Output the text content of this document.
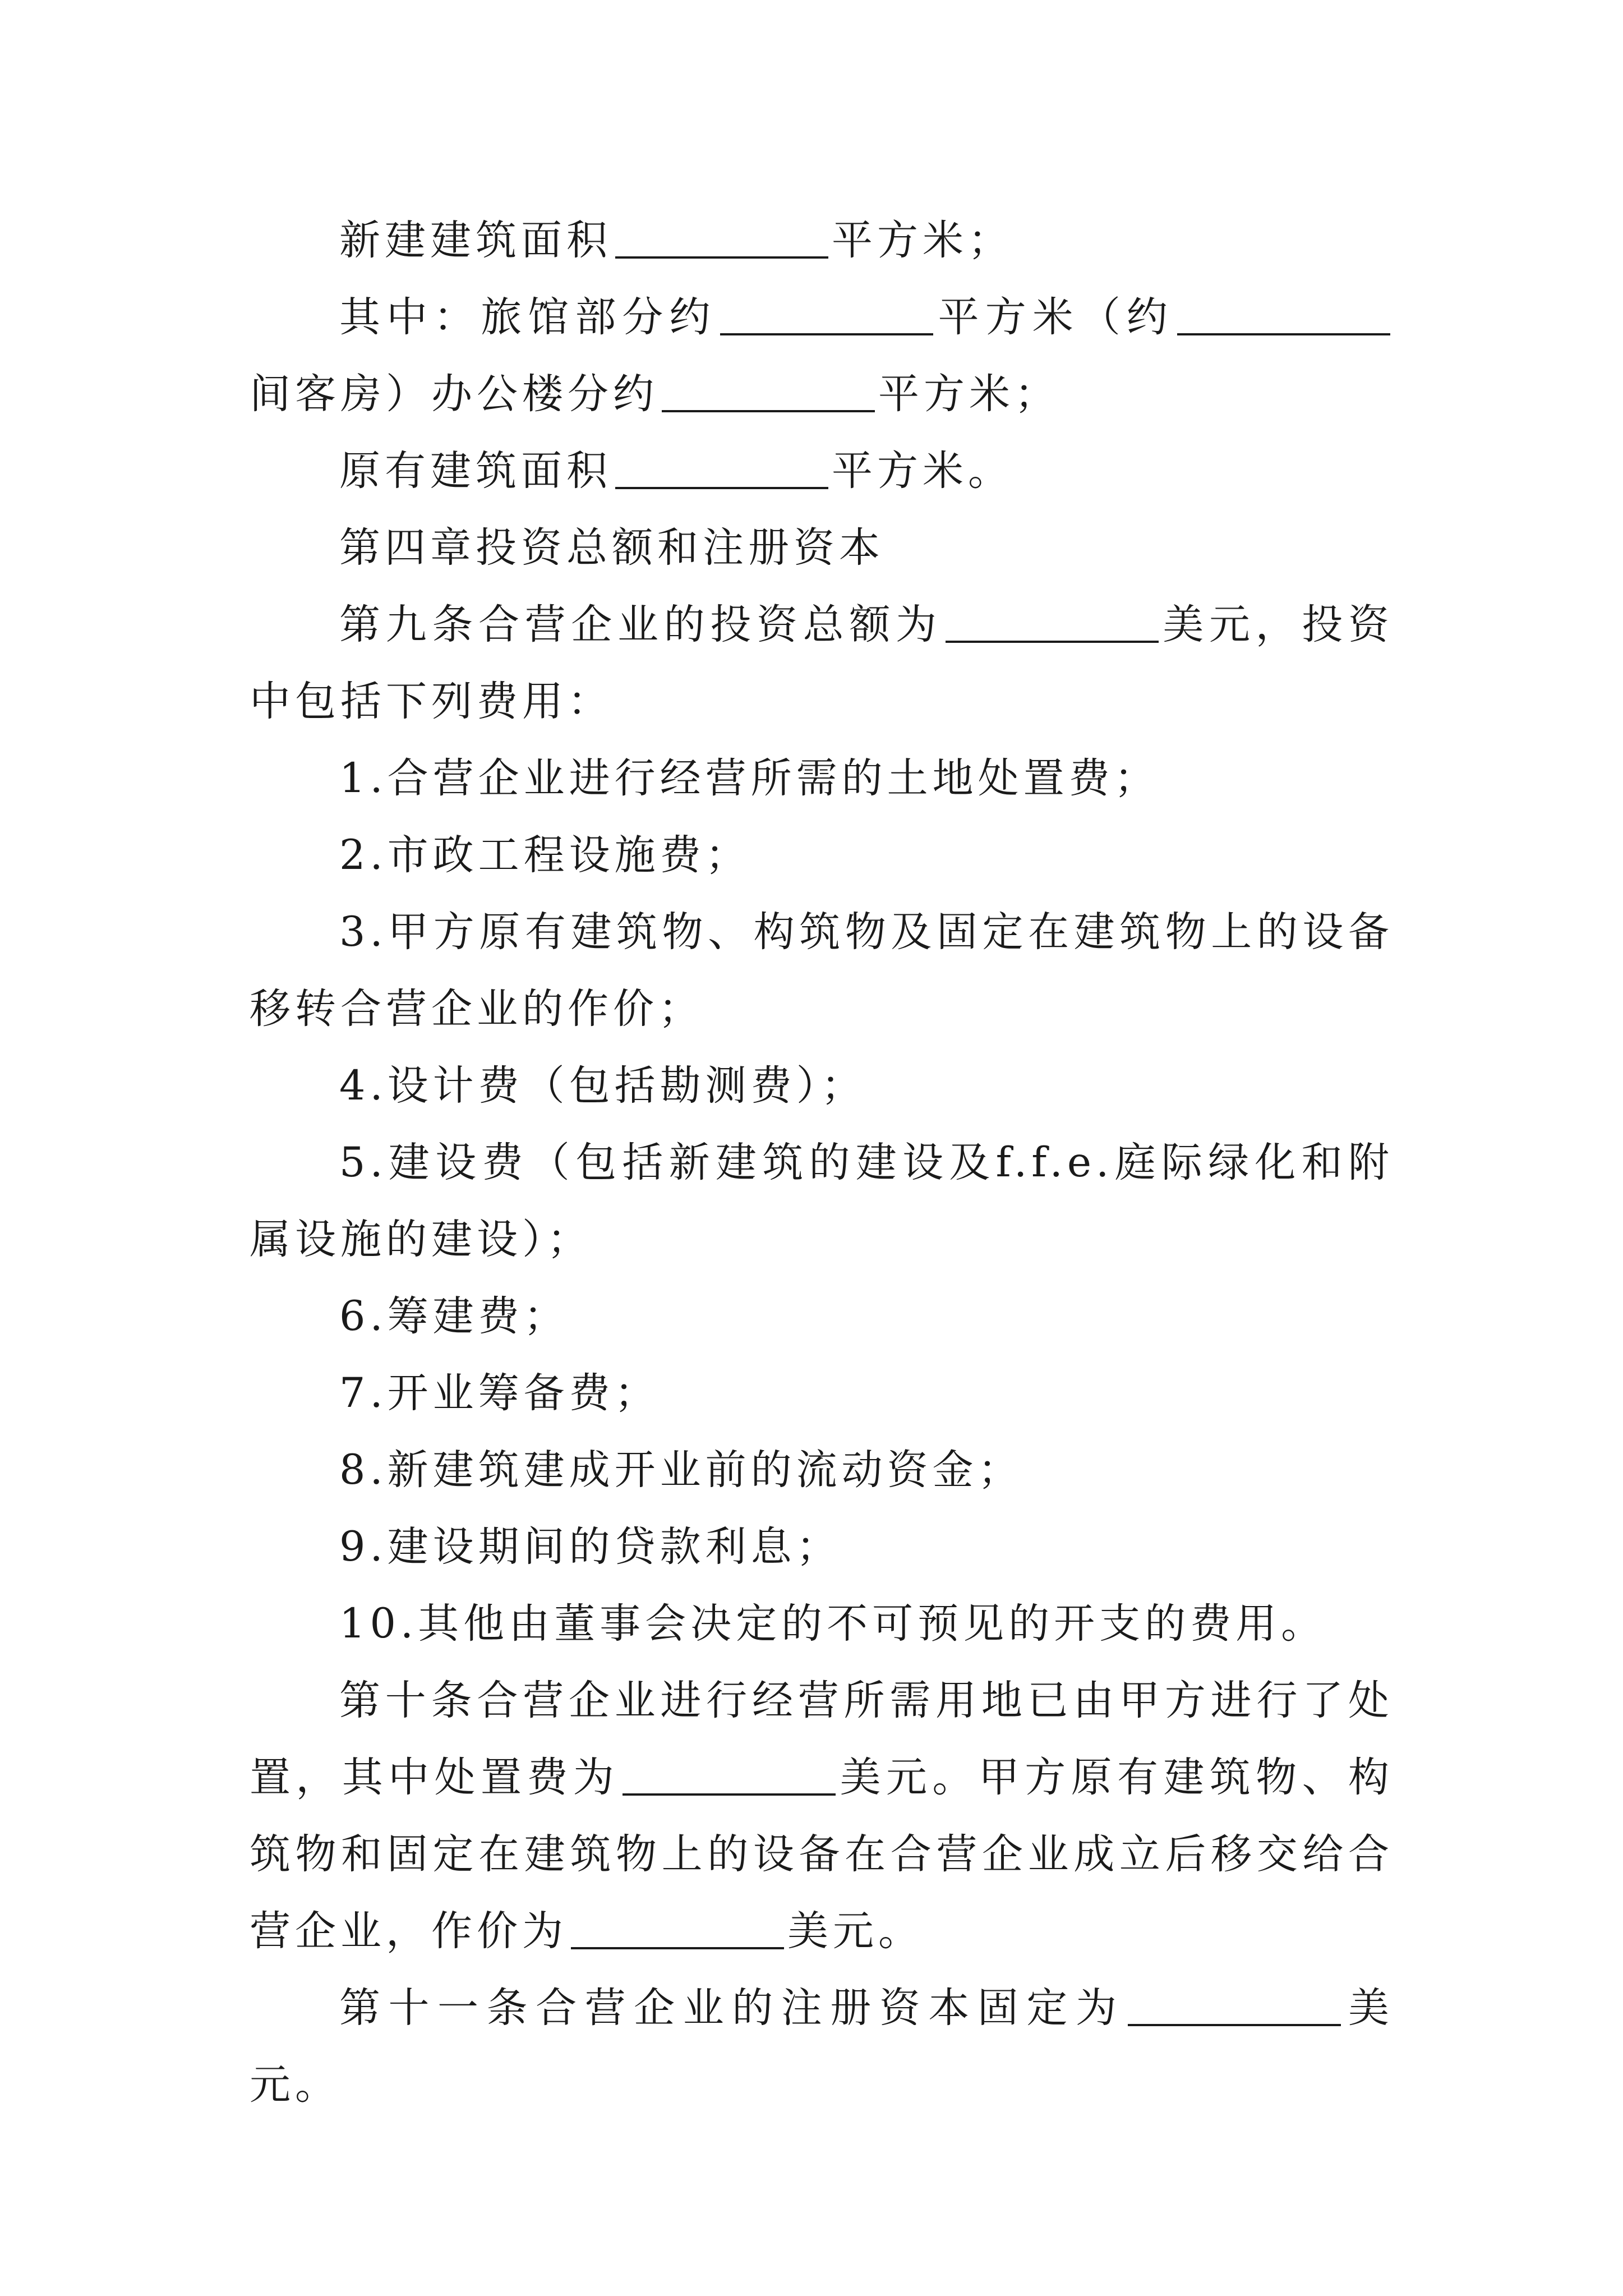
新建建筑面积	平方米；

其中：旅馆部分约	平方米（约间客房）办公楼分约	平方米；

原有建筑面积	平方米。

第四章投资总额和注册资本

第九条合营企业的投资总额为	美元，投资中包括下列费用：

1.合营企业进行经营所需的土地处置费；

2.市政工程设施费；

3.甲方原有建筑物、构筑物及固定在建筑物上的设备移转合营企业的作价；

4.设计费（包括勘测费）；

5.建设费（包括新建筑的建设及f.f.e.庭际绿化和附属设施的建设）；

6.筹建费；

7.开业筹备费；

8.新建筑建成开业前的流动资金；

9.建设期间的贷款利息；

10.其他由董事会决定的不可预见的开支的费用。

第十条合营企业进行经营所需用地已由甲方进行了处置，其中处置费为	美元。甲方原有建筑物、构筑物和固定在建筑物上的设备在合营企业成立后移交给合营企业，作价为	美元。

第十一条合营企业的注册资本固定为	美元。
